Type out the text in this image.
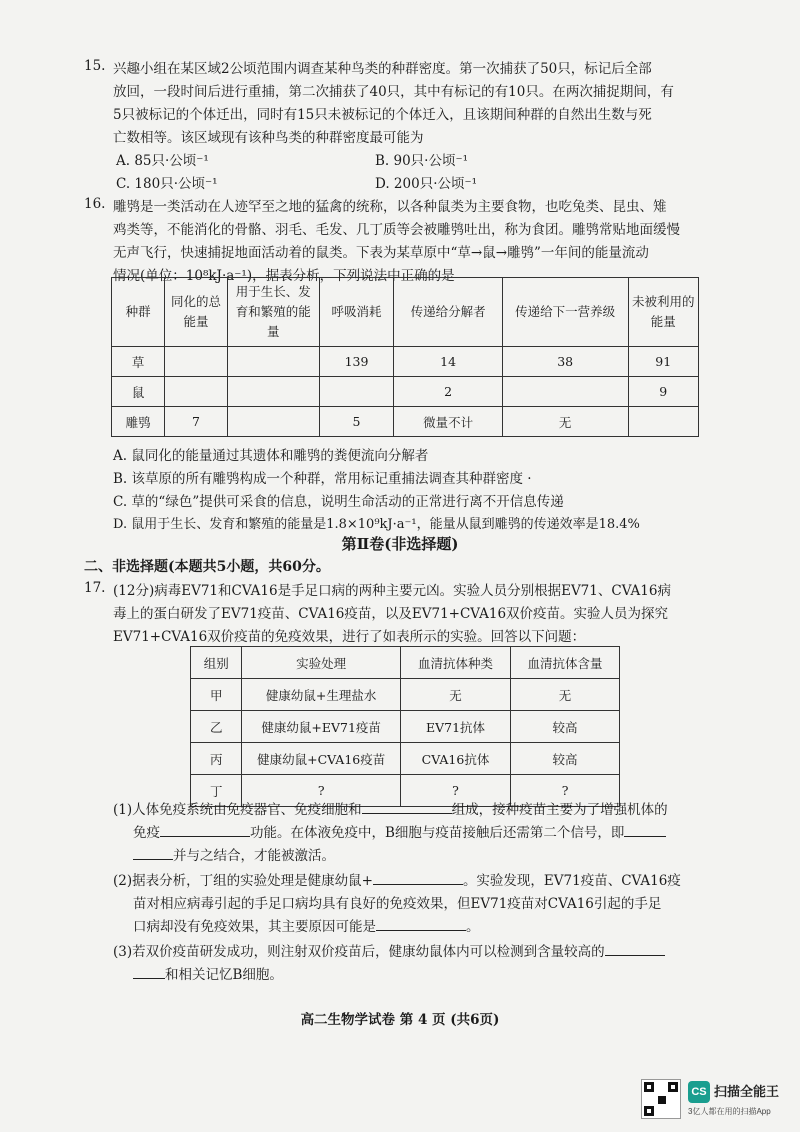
15. 兴趣小组在某区域2公顷范围内调查某种鸟类的种群密度。第一次捕获了50只，标记后全部
放回，一段时间后进行重捕，第二次捕获了40只，其中有标记的有10只。在两次捕捉期间，有
5只被标记的个体迁出，同时有15只未被标记的个体迁入，且该期间种群的自然出生数与死
亡数相等。该区域现有该种鸟类的种群密度最可能为
A. 85只·公顷⁻¹	B. 90只·公顷⁻¹
C. 180只·公顷⁻¹	D. 200只·公顷⁻¹
16. 雕鸮是一类活动在人迹罕至之地的猛禽的统称，以各种鼠类为主要食物，也吃兔类、昆虫、雉
鸡类等，不能消化的骨骼、羽毛、毛发、几丁质等会被雕鸮吐出，称为食团。雕鸮常贴地面缓慢
无声飞行，快速捕捉地面活动着的鼠类。下表为某草原中“草→鼠→雕鸮”一年间的能量流动
情况(单位：10⁸kJ·a⁻¹)，据表分析，下列说法中正确的是
种群	同化的总能量	用于生长、发育和繁殖的能量	呼吸消耗	传递给分解者	传递给下一营养级	未被利用的能量
草			139	14	38	91
鼠				2		9
雕鸮	7		5	微量不计	无	
A. 鼠同化的能量通过其遗体和雕鸮的粪便流向分解者
B. 该草原的所有雕鸮构成一个种群，常用标记重捕法调查其种群密度 ·
C. 草的“绿色”提供可采食的信息，说明生命活动的正常进行离不开信息传递
D. 鼠用于生长、发育和繁殖的能量是1.8×10⁹kJ·a⁻¹，能量从鼠到雕鸮的传递效率是18.4%
第Ⅱ卷(非选择题)
二、非选择题(本题共5小题，共60分。
17. (12分)病毒EV71和CVA16是手足口病的两种主要元凶。实验人员分别根据EV71、CVA16病
毒上的蛋白研发了EV71疫苗、CVA16疫苗，以及EV71+CVA16双价疫苗。实验人员为探究
EV71+CVA16双价疫苗的免疫效果，进行了如表所示的实验。回答以下问题：
组别	实验处理	血清抗体种类	血清抗体含量
甲	健康幼鼠+生理盐水	无	无
乙	健康幼鼠+EV71疫苗	EV71抗体	较高
丙	健康幼鼠+CVA16疫苗	CVA16抗体	较高
丁	?	?	?
(1)人体免疫系统由免疫器官、免疫细胞和	组成，接种疫苗主要为了增强机体的
免疫	功能。在体液免疫中，B细胞与疫苗接触后还需第二个信号，即
并与之结合，才能被激活。
(2)据表分析，丁组的实验处理是健康幼鼠+	。实验发现，EV71疫苗、CVA16疫
苗对相应病毒引起的手足口病均具有良好的免疫效果，但EV71疫苗对CVA16引起的手足
口病却没有免疫效果，其主要原因可能是	。
(3)若双价疫苗研发成功，则注射双价疫苗后，健康幼鼠体内可以检测到含量较高的
和相关记忆B细胞。
高二生物学试卷 第 4 页 (共6页)
CS 扫描全能王
3亿人都在用的扫描App
